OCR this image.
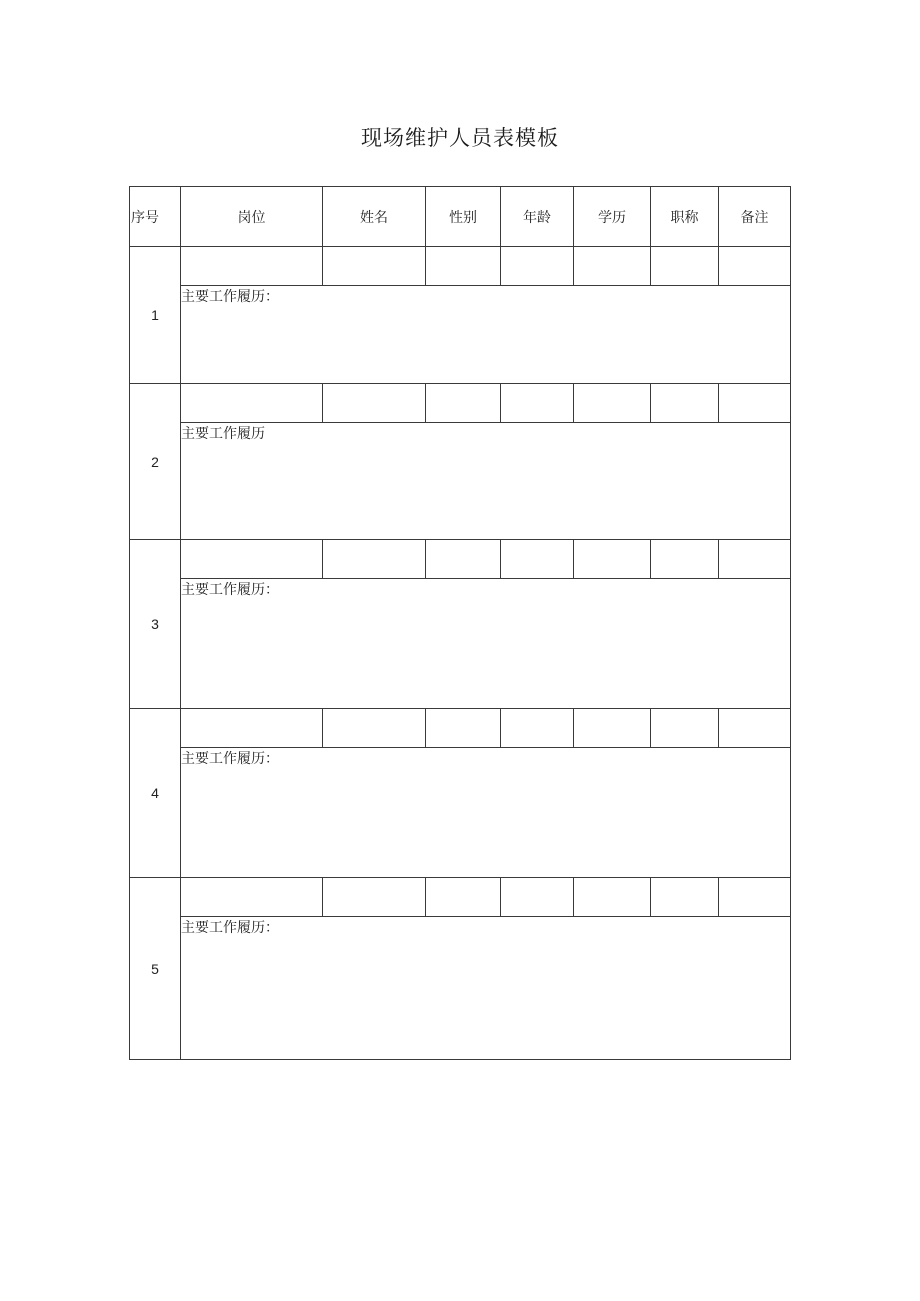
现场维护人员表模板
序号	岗位	姓名	性别	年龄	学历	职称	备注
1							
	主要工作履历：						
2							
	主要工作履历						
3							
	主要工作履历：						
4							
	主要工作履历：						
5							
	主要工作履历：						
